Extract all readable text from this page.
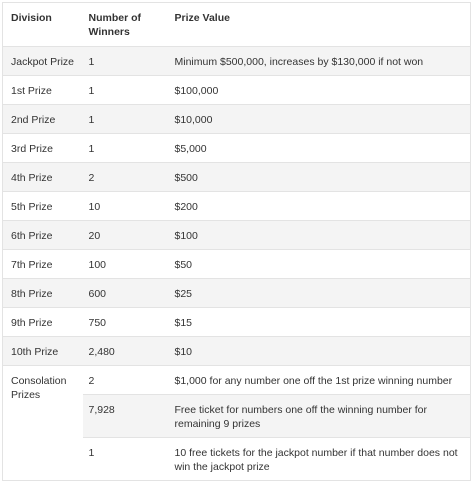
Division	Number of Winners	Prize Value
Jackpot Prize	1	Minimum $500,000, increases by $130,000 if not won
1st Prize	1	$100,000
2nd Prize	1	$10,000
3rd Prize	1	$5,000
4th Prize	2	$500
5th Prize	10	$200
6th Prize	20	$100
7th Prize	100	$50
8th Prize	600	$25
9th Prize	750	$15
10th Prize	2,480	$10
Consolation Prizes	2	$1,000 for any number one off the 1st prize winning number
	7,928	Free ticket for numbers one off the winning number for remaining 9 prizes
	1	10 free tickets for the jackpot number if that number does not win the jackpot prize
